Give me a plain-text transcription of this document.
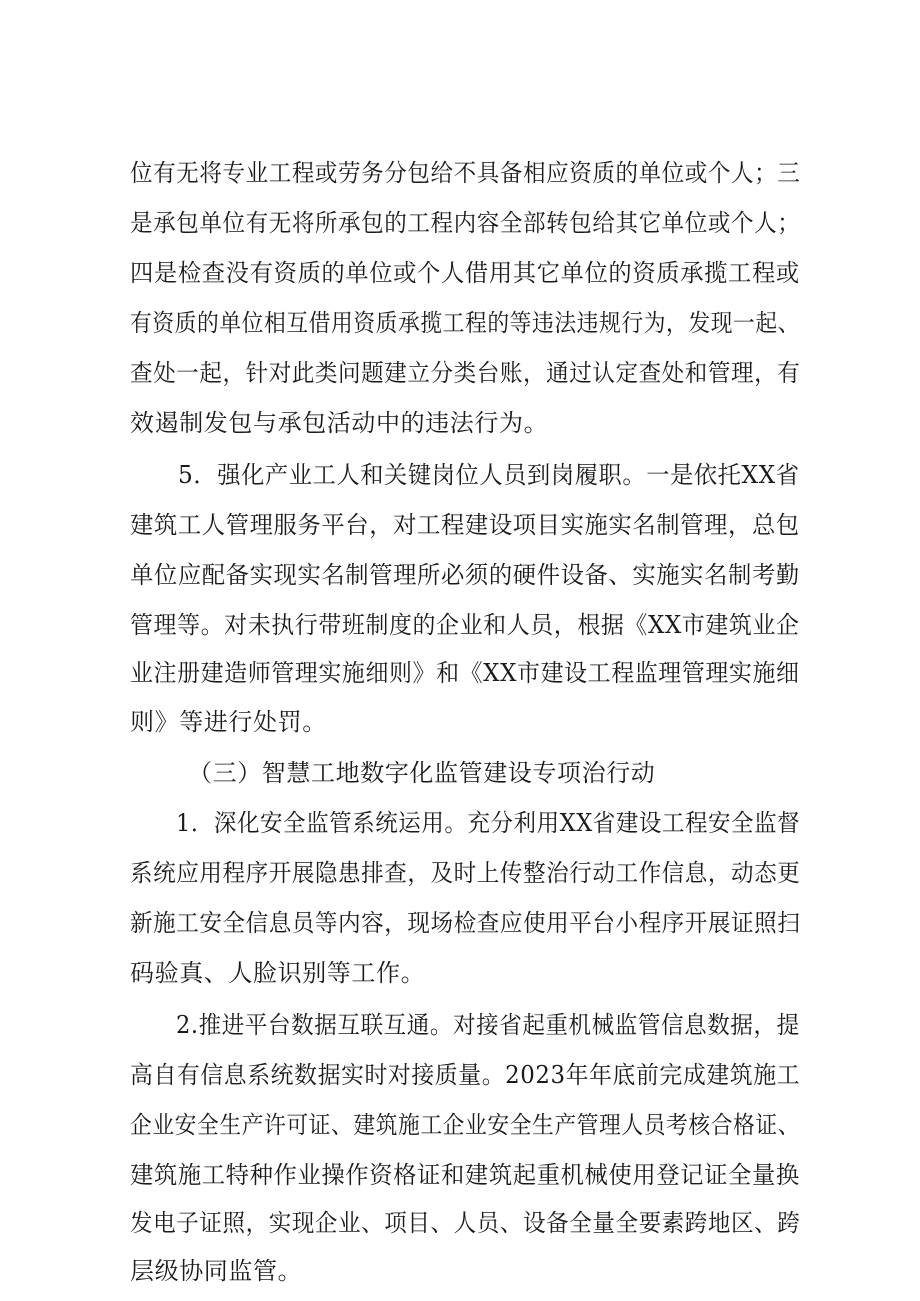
位有无将专业工程或劳务分包给不具备相应资质的单位或个人；三
是承包单位有无将所承包的工程内容全部转包给其它单位或个人；
四是检查没有资质的单位或个人借用其它单位的资质承揽工程或
有资质的单位相互借用资质承揽工程的等违法违规行为，发现一起、
查处一起，针对此类问题建立分类台账，通过认定查处和管理，有
效遏制发包与承包活动中的违法行为。
5．强化产业工人和关键岗位人员到岗履职。一是依托XX省
建筑工人管理服务平台，对工程建设项目实施实名制管理，总包
单位应配备实现实名制管理所必须的硬件设备、实施实名制考勤
管理等。对未执行带班制度的企业和人员，根据《XX市建筑业企
业注册建造师管理实施细则》和《XX市建设工程监理管理实施细
则》等进行处罚。
（三）智慧工地数字化监管建设专项治行动
1．深化安全监管系统运用。充分利用XX省建设工程安全监督
系统应用程序开展隐患排查，及时上传整治行动工作信息，动态更
新施工安全信息员等内容，现场检查应使用平台小程序开展证照扫
码验真、人脸识别等工作。
2.推进平台数据互联互通。对接省起重机械监管信息数据，提
高自有信息系统数据实时对接质量。2023年年底前完成建筑施工
企业安全生产许可证、建筑施工企业安全生产管理人员考核合格证、
建筑施工特种作业操作资格证和建筑起重机械使用登记证全量换
发电子证照，实现企业、项目、人员、设备全量全要素跨地区、跨
层级协同监管。
